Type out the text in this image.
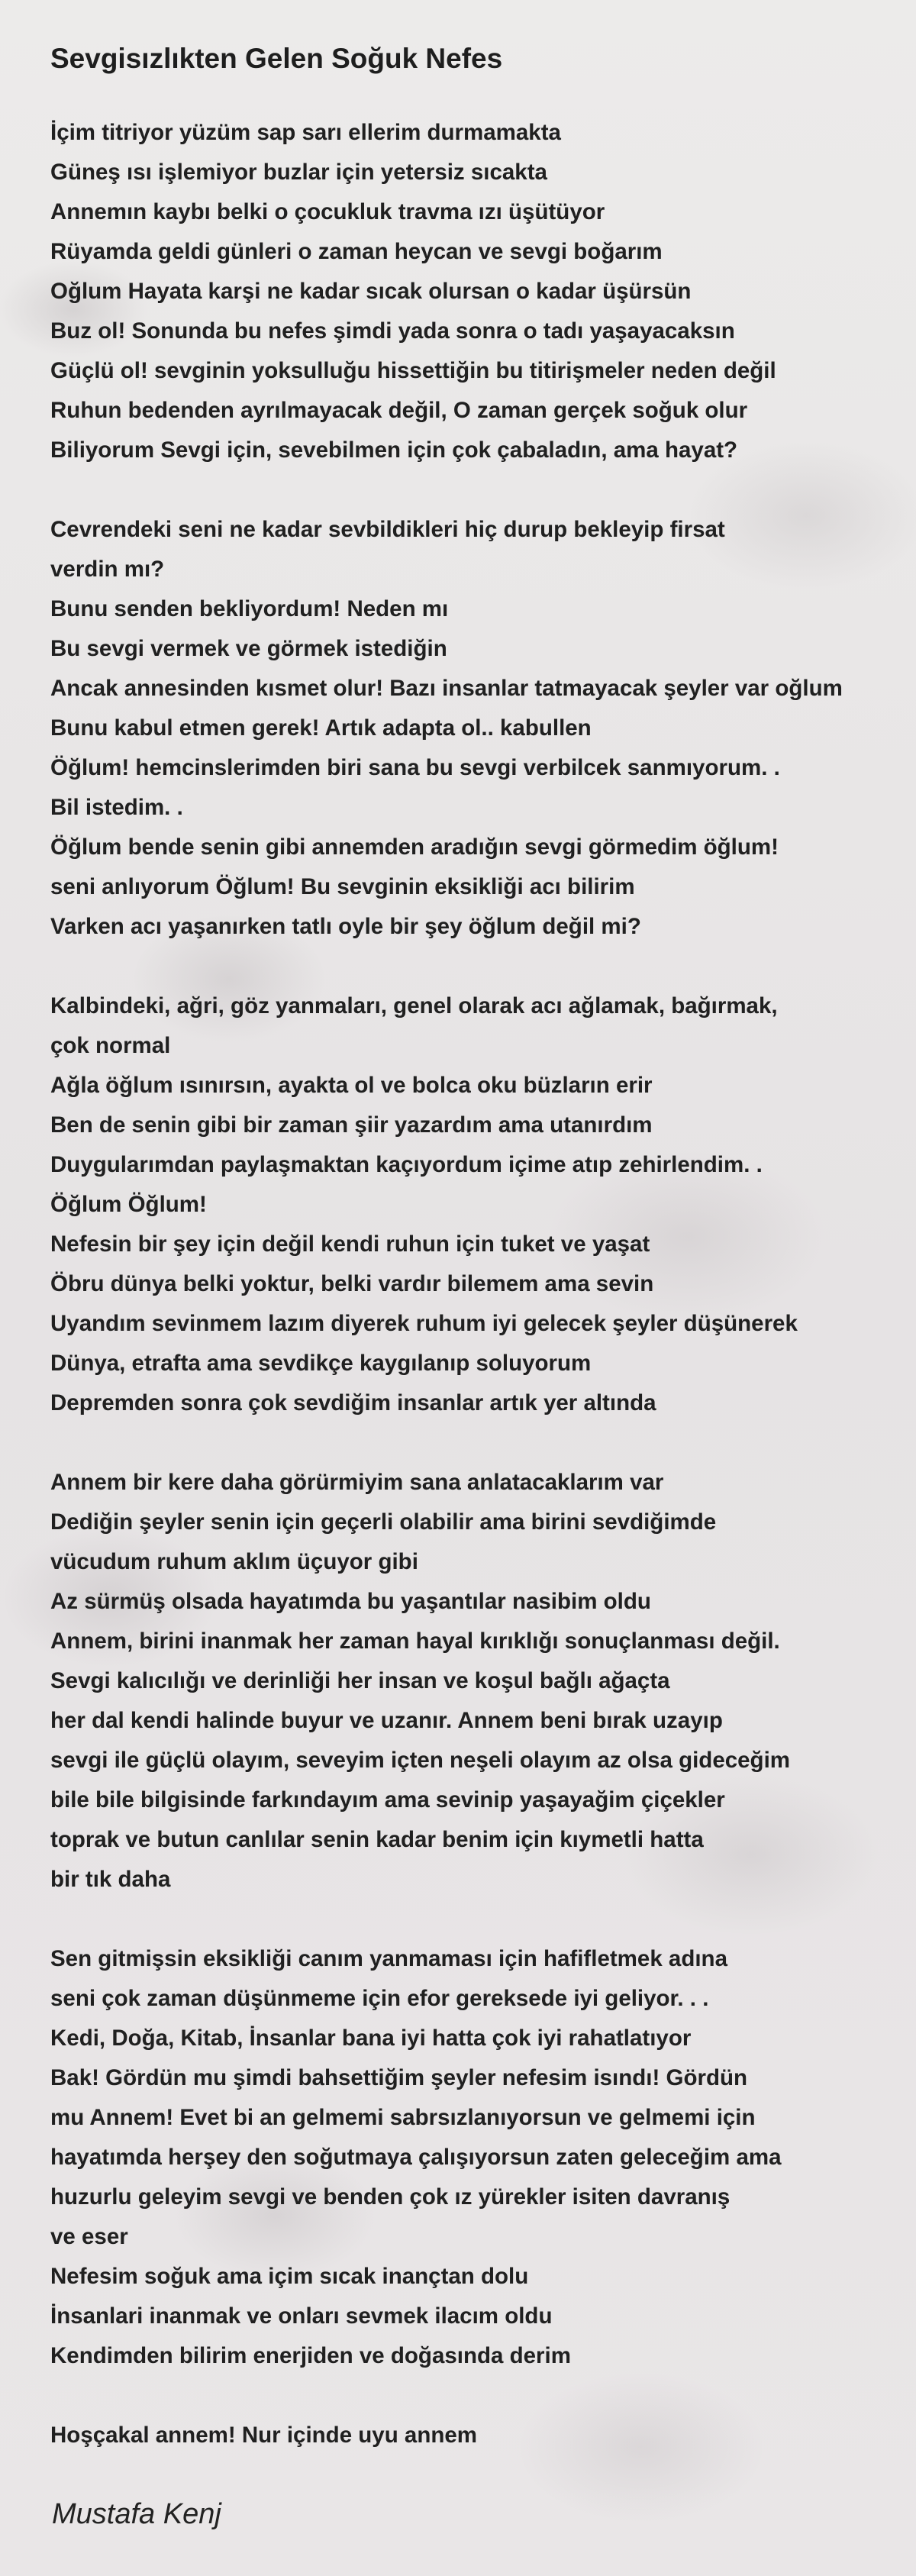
Sevgisızlıkten Gelen Soğuk Nefes
İçim titriyor yüzüm sap sarı ellerim durmamakta
Güneş ısı işlemiyor buzlar için yetersiz sıcakta
Annemın kaybı belki o çocukluk travma ızı üşütüyor
Rüyamda geldi günleri o zaman heycan ve sevgi boğarım
Oğlum Hayata karşi ne kadar sıcak olursan o kadar üşürsün
Buz ol! Sonunda bu nefes şimdi yada sonra o tadı yaşayacaksın
Güçlü ol! sevginin yoksulluğu hissettiğin bu titirişmeler neden değil
Ruhun bedenden ayrılmayacak değil, O zaman gerçek soğuk olur
Biliyorum Sevgi için, sevebilmen için çok çabaladın, ama hayat?
Cevrendeki seni ne kadar sevbildikleri hiç durup bekleyip firsat
verdin mı?
Bunu senden bekliyordum! Neden mı
Bu sevgi vermek ve görmek istediğin
Ancak annesinden kısmet olur! Bazı insanlar tatmayacak şeyler var oğlum
Bunu kabul etmen gerek! Artık adapta ol.. kabullen
Öğlum! hemcinslerimden biri sana bu sevgi verbilcek sanmıyorum. .
Bil istedim. .
Öğlum bende senin gibi annemden aradığın sevgi görmedim öğlum!
seni anlıyorum Öğlum! Bu sevginin eksikliği acı bilirim
Varken acı yaşanırken tatlı oyle bir şey öğlum değil mi?
Kalbindeki, ağri, göz yanmaları, genel olarak acı ağlamak, bağırmak,
çok normal
Ağla öğlum ısınırsın, ayakta ol ve bolca oku büzların erir
Ben de senin gibi bir zaman şiir yazardım ama utanırdım
Duygularımdan paylaşmaktan kaçıyordum içime atıp zehirlendim. .
Öğlum Öğlum!
Nefesin bir şey için değil kendi ruhun için tuket ve yaşat
Öbru dünya belki yoktur, belki vardır bilemem ama sevin
Uyandım sevinmem lazım diyerek ruhum iyi gelecek şeyler düşünerek
Dünya, etrafta ama sevdikçe kaygılanıp soluyorum
Depremden sonra çok sevdiğim insanlar artık yer altında
Annem bir kere daha görürmiyim sana anlatacaklarım var
Dediğin şeyler senin için geçerli olabilir ama birini sevdiğimde
vücudum ruhum aklım üçuyor gibi
Az sürmüş olsada hayatımda bu yaşantılar nasibim oldu
Annem, birini inanmak her zaman hayal kırıklığı sonuçlanması değil.
Sevgi kalıcılığı ve derinliği her insan ve koşul bağlı ağaçta
her dal kendi halinde buyur ve uzanır. Annem beni bırak uzayıp
sevgi ile güçlü olayım, seveyim içten neşeli olayım az olsa gideceğim
bile bile bilgisinde farkındayım ama sevinip yaşayağim çiçekler
toprak ve butun canlılar senin kadar benim için kıymetli hatta
bir tık daha
Sen gitmişsin eksikliği canım yanmaması için hafifletmek adına
seni çok zaman düşünmeme için efor gereksede iyi geliyor. . .
Kedi, Doğa, Kitab, İnsanlar bana iyi hatta çok iyi rahatlatıyor
Bak! Gördün mu şimdi bahsettiğim şeyler nefesim isındı! Gördün
mu Annem! Evet bi an gelmemi sabrsızlanıyorsun ve gelmemi için
hayatımda herşey den soğutmaya çalışıyorsun zaten geleceğim ama
huzurlu geleyim sevgi ve benden çok ız yürekler isiten davranış
ve eser
Nefesim soğuk ama içim sıcak inançtan dolu
İnsanlari inanmak ve onları sevmek ilacım oldu
Kendimden bilirim enerjiden ve doğasında derim
Hoşçakal annem! Nur içinde uyu annem
Mustafa Kenj
